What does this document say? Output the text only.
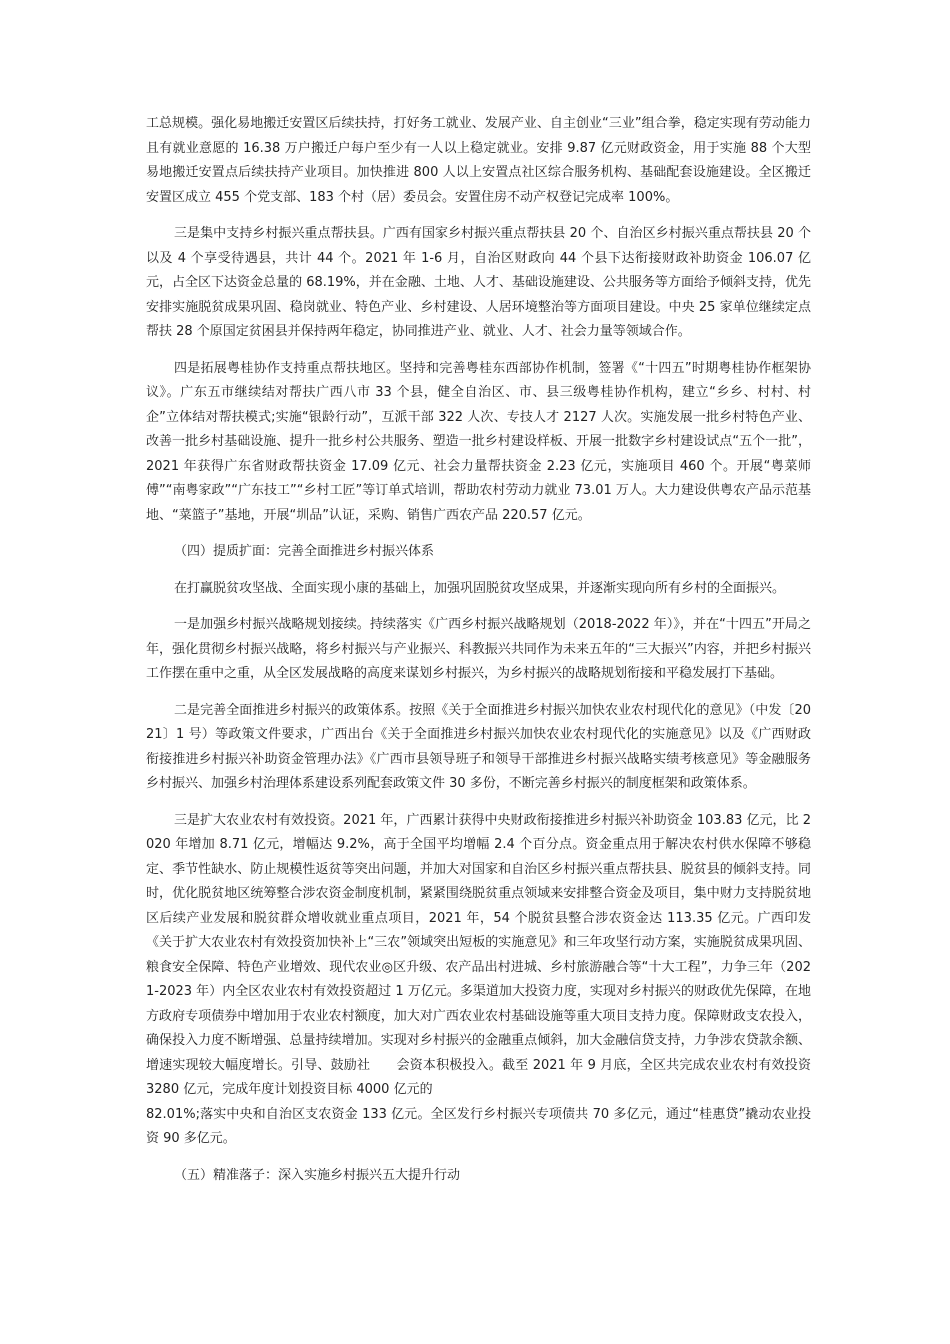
工总规模。强化易地搬迁安置区后续扶持，打好务工就业、发展产业、自主创业“三业”组合拳，稳定实现有劳动能力且有就业意愿的 16.38 万户搬迁户每户至少有一人以上稳定就业。安排 9.87 亿元财政资金，用于实施 88 个大型易地搬迁安置点后续扶持产业项目。加快推进 800 人以上安置点社区综合服务机构、基础配套设施建设。全区搬迁安置区成立 455 个党支部、183 个村（居）委员会。安置住房不动产权登记完成率 100%。

三是集中支持乡村振兴重点帮扶县。广西有国家乡村振兴重点帮扶县 20 个、自治区乡村振兴重点帮扶县 20 个以及 4 个享受待遇县，共计 44 个。2021 年 1-6 月，自治区财政向 44 个县下达衔接财政补助资金 106.07 亿元，占全区下达资金总量的 68.19%，并在金融、土地、人才、基础设施建设、公共服务等方面给予倾斜支持，优先安排实施脱贫成果巩固、稳岗就业、特色产业、乡村建设、人居环境整治等方面项目建设。中央 25 家单位继续定点帮扶 28 个原国定贫困县并保持两年稳定，协同推进产业、就业、人才、社会力量等领域合作。

四是拓展粤桂协作支持重点帮扶地区。坚持和完善粤桂东西部协作机制，签署《“十四五”时期粤桂协作框架协议》。广东五市继续结对帮扶广西八市 33 个县，健全自治区、市、县三级粤桂协作机构，建立“乡乡、村村、村企”立体结对帮扶模式;实施“银龄行动”，互派干部 322 人次、专技人才 2127 人次。实施发展一批乡村特色产业、改善一批乡村基础设施、提升一批乡村公共服务、塑造一批乡村建设样板、开展一批数字乡村建设试点“五个一批”，2021 年获得广东省财政帮扶资金 17.09 亿元、社会力量帮扶资金 2.23 亿元，实施项目 460 个。开展“粤菜师傅”“南粤家政”“广东技工”“乡村工匠”等订单式培训，帮助农村劳动力就业 73.01 万人。大力建设供粤农产品示范基地、“菜篮子”基地，开展“圳品”认证，采购、销售广西农产品 220.57 亿元。

（四）提质扩面：完善全面推进乡村振兴体系

在打赢脱贫攻坚战、全面实现小康的基础上，加强巩固脱贫攻坚成果，并逐渐实现向所有乡村的全面振兴。

一是加强乡村振兴战略规划接续。持续落实《广西乡村振兴战略规划（2018-2022 年）》，并在“十四五”开局之年，强化贯彻乡村振兴战略，将乡村振兴与产业振兴、科教振兴共同作为未来五年的“三大振兴”内容，并把乡村振兴工作摆在重中之重，从全区发展战略的高度来谋划乡村振兴，为乡村振兴的战略规划衔接和平稳发展打下基础。

二是完善全面推进乡村振兴的政策体系。按照《关于全面推进乡村振兴加快农业农村现代化的意见》（中发〔2021〕1 号）等政策文件要求，广西出台《关于全面推进乡村振兴加快农业农村现代化的实施意见》以及《广西财政衔接推进乡村振兴补助资金管理办法》《广西市县领导班子和领导干部推进乡村振兴战略实绩考核意见》等金融服务乡村振兴、加强乡村治理体系建设系列配套政策文件 30 多份，不断完善乡村振兴的制度框架和政策体系。

三是扩大农业农村有效投资。2021 年，广西累计获得中央财政衔接推进乡村振兴补助资金 103.83 亿元，比 2020 年增加 8.71 亿元，增幅达 9.2%，高于全国平均增幅 2.4 个百分点。资金重点用于解决农村供水保障不够稳定、季节性缺水、防止规模性返贫等突出问题，并加大对国家和自治区乡村振兴重点帮扶县、脱贫县的倾斜支持。同时，优化脱贫地区统筹整合涉农资金制度机制，紧紧围绕脱贫重点领域来安排整合资金及项目，集中财力支持脱贫地区后续产业发展和脱贫群众增收就业重点项目，2021 年，54 个脱贫县整合涉农资金达 113.35 亿元。广西印发《关于扩大农业农村有效投资加快补上“三农”领域突出短板的实施意见》和三年攻坚行动方案，实施脱贫成果巩固、粮食安全保障、特色产业增效、现代农业◎区升级、农产品出村进城、乡村旅游融合等“十大工程”，力争三年（2021-2023 年）内全区农业农村有效投资超过 1 万亿元。多渠道加大投资力度，实现对乡村振兴的财政优先保障，在地方政府专项债券中增加用于农业农村额度，加大对广西农业农村基础设施等重大项目支持力度。保障财政支农投入，确保投入力度不断增强、总量持续增加。实现对乡村振兴的金融重点倾斜，加大金融信贷支持，力争涉农贷款余额、增速实现较大幅度增长。引导、鼓励社　　会资本积极投入。截至 2021 年 9 月底，全区共完成农业农村有效投资 3280 亿元，完成年度计划投资目标 4000 亿元的

82.01%;落实中央和自治区支农资金 133 亿元。全区发行乡村振兴专项债共 70 多亿元，通过“桂惠贷”撬动农业投资 90 多亿元。

（五）精准落子：深入实施乡村振兴五大提升行动
